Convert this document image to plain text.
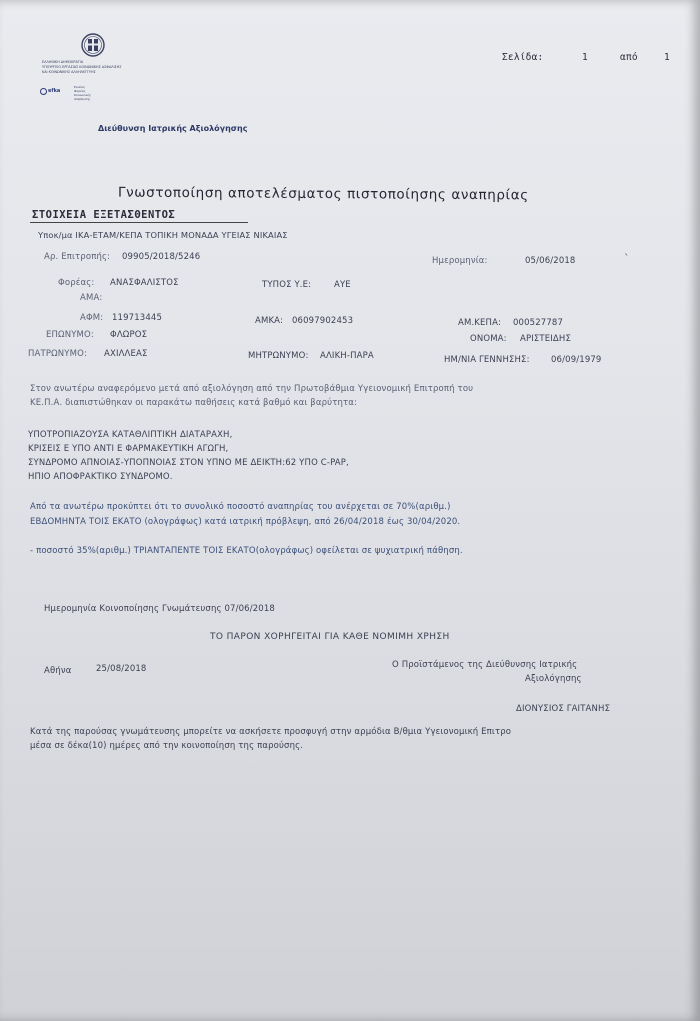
Σελίδα:	1	από	1
ΕΛΛΗΝΙΚΗ ΔΗΜΟΚΡΑΤΙΑ
ΥΠΟΥΡΓΕΙΟ ΕΡΓΑΣΙΑΣ ΚΟΙΝΩΝΙΚΗΣ ΑΣΦΑΛΙΣΗΣ
ΚΑΙ ΚΟΙΝΩΝΙΚΗΣ ΑΛΛΗΛΕΓΓΥΗΣ
efka
Ενιαίος
Φορέας
Κοινωνικής
Ασφάλισης
Διεύθυνση Ιατρικής Αξιολόγησης
Γνωστοποίηση αποτελέσματος πιστοποίησης αναπηρίας
ΣΤΟΙΧΕΙΑ ΕΞΕΤΑΣΘΕΝΤΟΣ
Υποκ/μα ΙΚΑ-ΕΤΑΜ/ΚΕΠΑ ΤΟΠΙΚΗ ΜΟΝΑΔΑ ΥΓΕΙΑΣ ΝΙΚΑΙΑΣ
Αρ. Επιτροπής: 09905/2018/5246	Ημερομηνία:	05/06/2018	ˋ
Φορέας: ΑΝΑΣΦΑΛΙΣΤΟΣ	ΤΥΠΟΣ Υ.Ε:	ΑΥΕ
ΑΜΑ:
ΑΦΜ: 119713445	ΑΜΚΑ: 06097902453	ΑΜ.ΚΕΠΑ: 000527787
ΕΠΩΝΥΜΟ: ΦΛΩΡΟΣ	ΟΝΟΜΑ: ΑΡΙΣΤΕΙΔΗΣ
ΠΑΤΡΩΝΥΜΟ: ΑΧΙΛΛΕΑΣ	ΜΗΤΡΩΝΥΜΟ: ΑΛΙΚΗ-ΠΑΡΑ	ΗΜ/ΝΙΑ ΓΕΝΝΗΣΗΣ:	06/09/1979
Στον ανωτέρω αναφερόμενο μετά από αξιολόγηση από την Πρωτοβάθμια Υγειονομική Επιτροπή του
ΚΕ.Π.Α. διαπιστώθηκαν οι παρακάτω παθήσεις κατά βαθμό και βαρύτητα:
ΥΠΟΤΡΟΠΙΑΖΟΥΣΑ ΚΑΤΑΘΛΙΠΤΙΚΗ ΔΙΑΤΑΡΑΧΗ,
ΚΡΙΣΕΙΣ Ε ΥΠΟ ΑΝΤΙ Ε ΦΑΡΜΑΚΕΥΤΙΚΗ ΑΓΩΓΗ,
ΣΥΝΔΡΟΜΟ ΑΠΝΟΙΑΣ-ΥΠΟΠΝΟΙΑΣ ΣΤΟΝ ΥΠΝΟ ΜΕ ΔΕΙΚΤΗ:62 ΥΠΟ C-PAP,
ΗΠΙΟ ΑΠΟΦΡΑΚΤΙΚΟ ΣΥΝΔΡΟΜΟ.
Από τα ανωτέρω προκύπτει ότι το συνολικό ποσοστό αναπηρίας του ανέρχεται σε 70%(αριθμ.)
ΕΒΔΟΜΗΝΤΑ ΤΟΙΣ ΕΚΑΤΟ (ολογράφως) κατά ιατρική πρόβλεψη, από 26/04/2018 έως 30/04/2020.
- ποσοστό 35%(αριθμ.) ΤΡΙΑΝΤΑΠΕΝΤΕ ΤΟΙΣ ΕΚΑΤΟ(ολογράφως) οφείλεται σε ψυχιατρική πάθηση.
Ημερομηνία Κοινοποίησης Γνωμάτευσης 07/06/2018
ΤΟ ΠΑΡΟΝ ΧΟΡΗΓΕΙΤΑΙ ΓΙΑ ΚΑΘΕ ΝΟΜΙΜΗ ΧΡΗΣΗ
Αθήνα	25/08/2018	Ο Προϊστάμενος της Διεύθυνσης Ιατρικής
Αξιολόγησης
ΔΙΟΝΥΣΙΟΣ ΓΑΙΤΑΝΗΣ
Κατά της παρούσας γνωμάτευσης μπορείτε να ασκήσετε προσφυγή στην αρμόδια Β/θμια Υγειονομική Επιτρο
μέσα σε δέκα(10) ημέρες από την κοινοποίηση της παρούσης.
